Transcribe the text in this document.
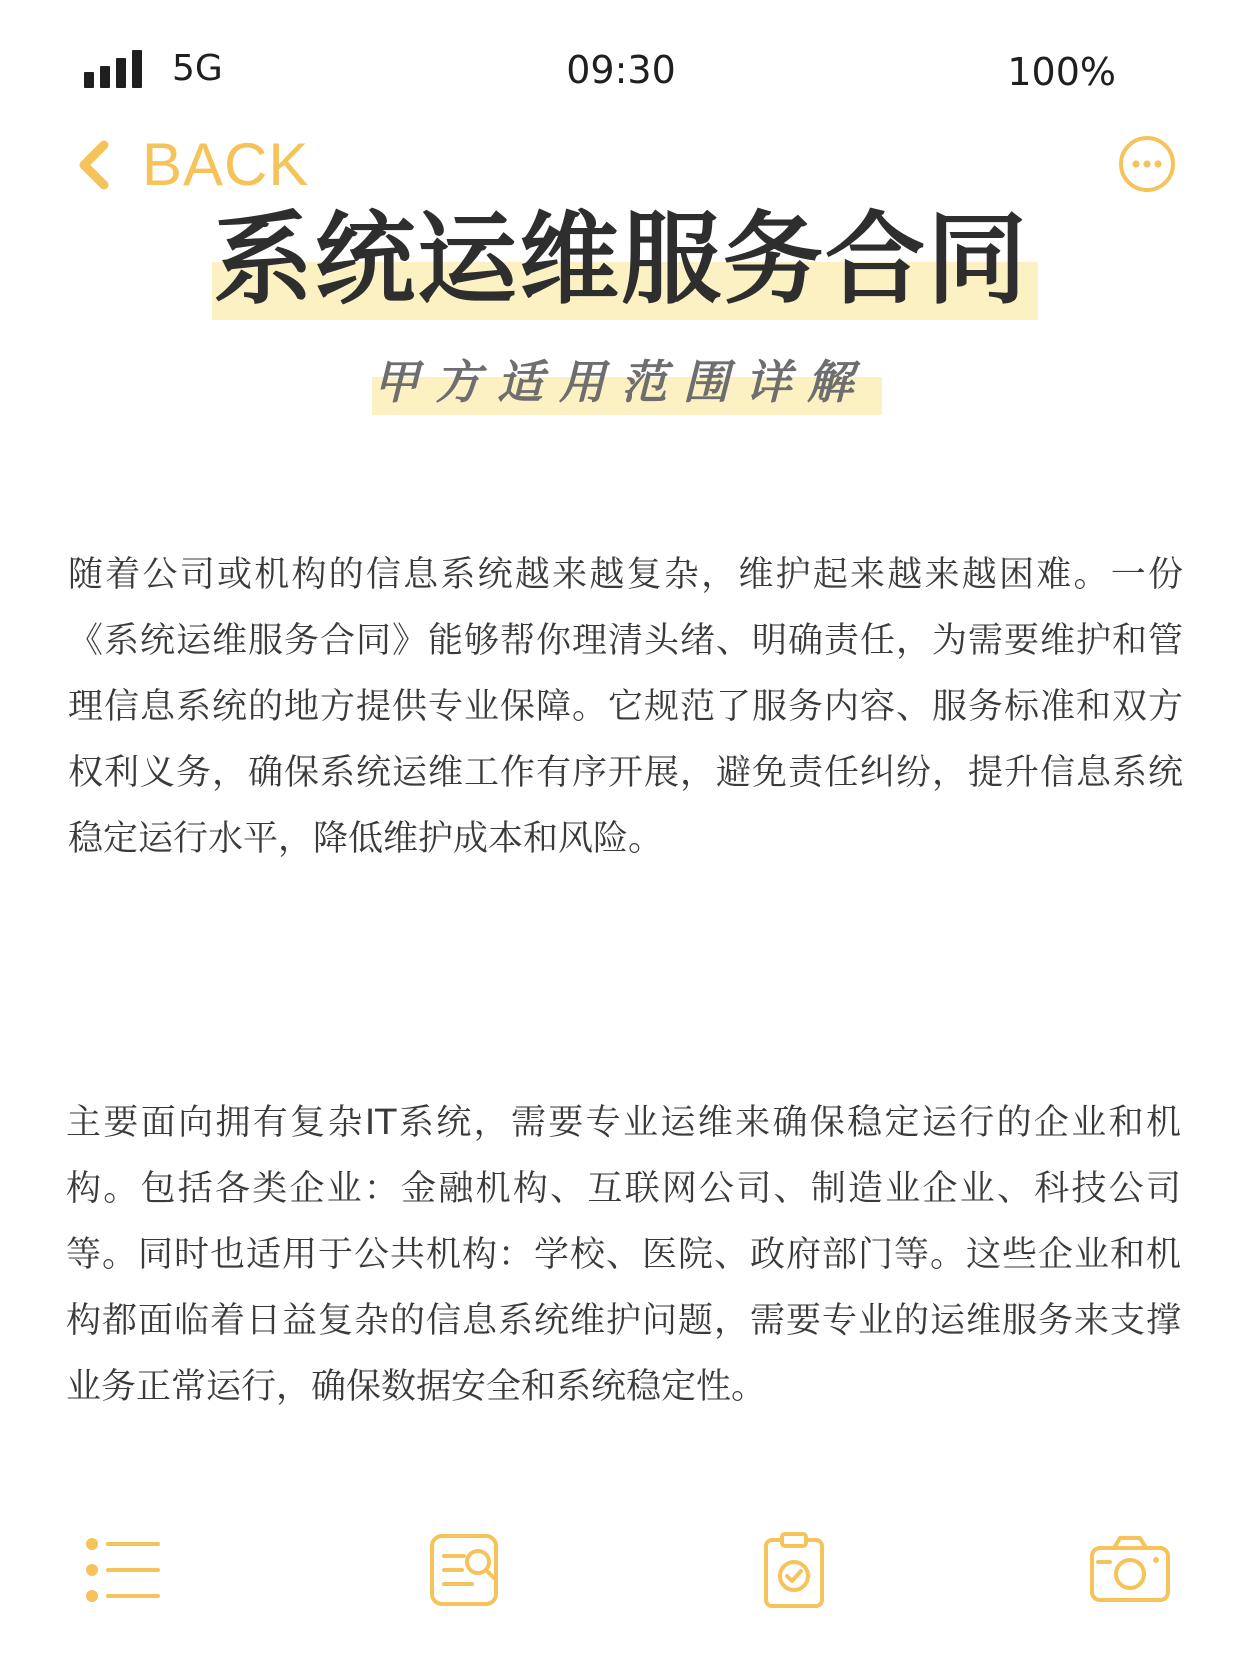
5G	09:30	100%
BACK
系统运维服务合同
甲方适用范围详解

随着公司或机构的信息系统越来越复杂，维护起来越来越困难。一份《系统运维服务合同》能够帮你理清头绪、明确责任，为需要维护和管理信息系统的地方提供专业保障。它规范了服务内容、服务标准和双方权利义务，确保系统运维工作有序开展，避免责任纠纷，提升信息系统稳定运行水平，降低维护成本和风险。

主要面向拥有复杂IT系统，需要专业运维来确保稳定运行的企业和机构。包括各类企业：金融机构、互联网公司、制造业企业、科技公司等。同时也适用于公共机构：学校、医院、政府部门等。这些企业和机构都面临着日益复杂的信息系统维护问题，需要专业的运维服务来支撑业务正常运行，确保数据安全和系统稳定性。
